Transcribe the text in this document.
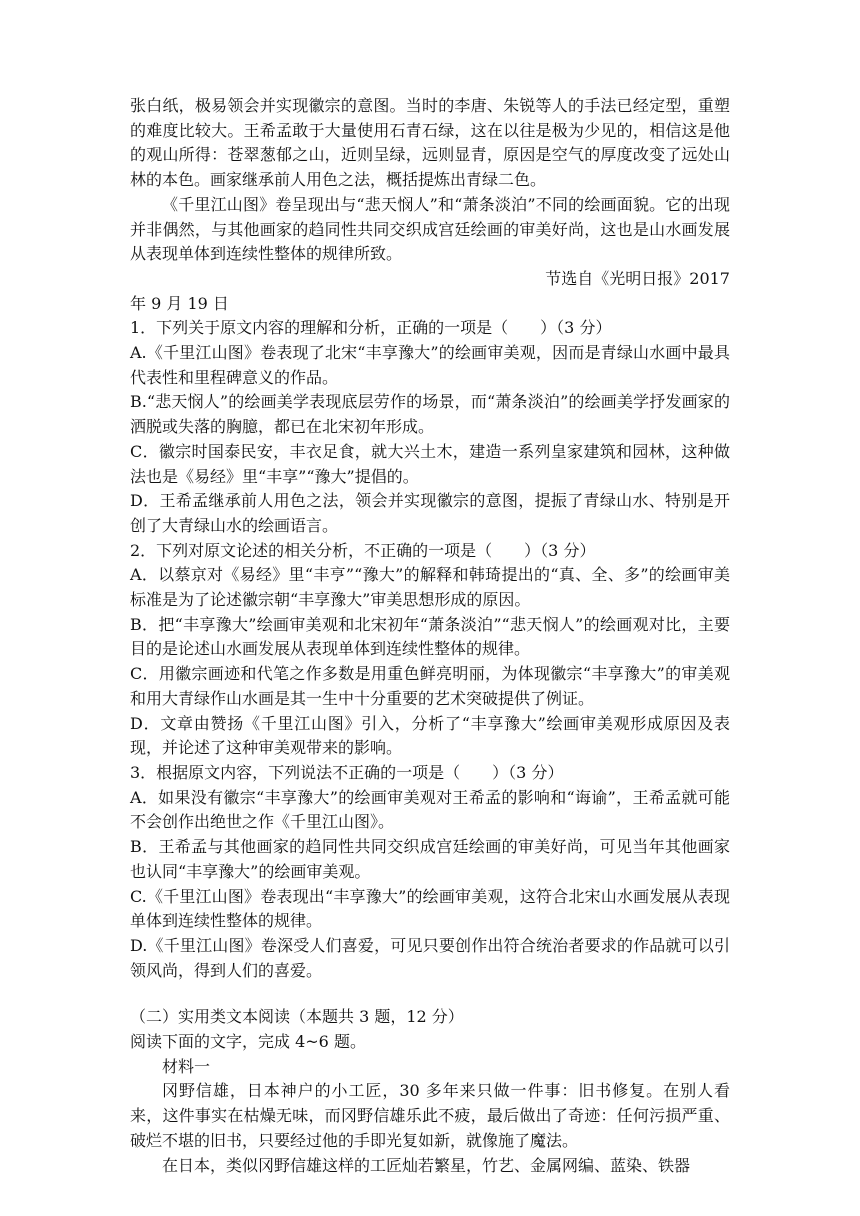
张白纸，极易领会并实现徽宗的意图。当时的李唐、朱锐等人的手法已经定型，重塑的难度比较大。王希孟敢于大量使用石青石绿，这在以往是极为少见的，相信这是他的观山所得：苍翠葱郁之山，近则呈绿，远则显青，原因是空气的厚度改变了远处山林的本色。画家继承前人用色之法，概括提炼出青绿二色。

《千里江山图》卷呈现出与“悲天悯人”和“萧条淡泊”不同的绘画面貌。它的出现并非偶然，与其他画家的趋同性共同交织成宫廷绘画的审美好尚，这也是山水画发展从表现单体到连续性整体的规律所致。

节选自《光明日报》2017

年 9 月 19 日

1．下列关于原文内容的理解和分析，正确的一项是（　　）（3 分）

A.《千里江山图》卷表现了北宋“丰享豫大”的绘画审美观，因而是青绿山水画中最具代表性和里程碑意义的作品。

B.“悲天悯人”的绘画美学表现底层劳作的场景，而“萧条淡泊”的绘画美学抒发画家的洒脱或失落的胸臆，都已在北宋初年形成。

C．徽宗时国泰民安，丰衣足食，就大兴土木，建造一系列皇家建筑和园林，这种做法也是《易经》里“丰享”“豫大”提倡的。

D．王希孟继承前人用色之法，领会并实现徽宗的意图，提振了青绿山水、特别是开创了大青绿山水的绘画语言。

2．下列对原文论述的相关分析，不正确的一项是（　　）（3 分）

A．以蔡京对《易经》里“丰亨”“豫大”的解释和韩琦提出的“真、全、多”的绘画审美标准是为了论述徽宗朝“丰享豫大”审美思想形成的原因。

B．把“丰享豫大”绘画审美观和北宋初年“萧条淡泊”“悲天悯人”的绘画观对比，主要目的是论述山水画发展从表现单体到连续性整体的规律。

C．用徽宗画迹和代笔之作多数是用重色鲜亮明丽，为体现徽宗“丰享豫大”的审美观和用大青绿作山水画是其一生中十分重要的艺术突破提供了例证。

D．文章由赞扬《千里江山图》引入，分析了“丰享豫大”绘画审美观形成原因及表现，并论述了这种审美观带来的影响。

3．根据原文内容，下列说法不正确的一项是（　　）（3 分）

A．如果没有徽宗“丰享豫大”的绘画审美观对王希孟的影响和“诲谕”，王希孟就可能不会创作出绝世之作《千里江山图》。

B．王希孟与其他画家的趋同性共同交织成宫廷绘画的审美好尚，可见当年其他画家也认同“丰享豫大”的绘画审美观。

C.《千里江山图》卷表现出“丰享豫大”的绘画审美观，这符合北宋山水画发展从表现单体到连续性整体的规律。

D.《千里江山图》卷深受人们喜爱，可见只要创作出符合统治者要求的作品就可以引领风尚，得到人们的喜爱。

（二）实用类文本阅读（本题共 3 题，12 分）

阅读下面的文字，完成 4~6 题。

材料一

冈野信雄，日本神户的小工匠，30 多年来只做一件事：旧书修复。在别人看来，这件事实在枯燥无味，而冈野信雄乐此不疲，最后做出了奇迹：任何污损严重、破烂不堪的旧书，只要经过他的手即光复如新，就像施了魔法。

在日本，类似冈野信雄这样的工匠灿若繁星，竹艺、金属网编、蓝染、铁器
